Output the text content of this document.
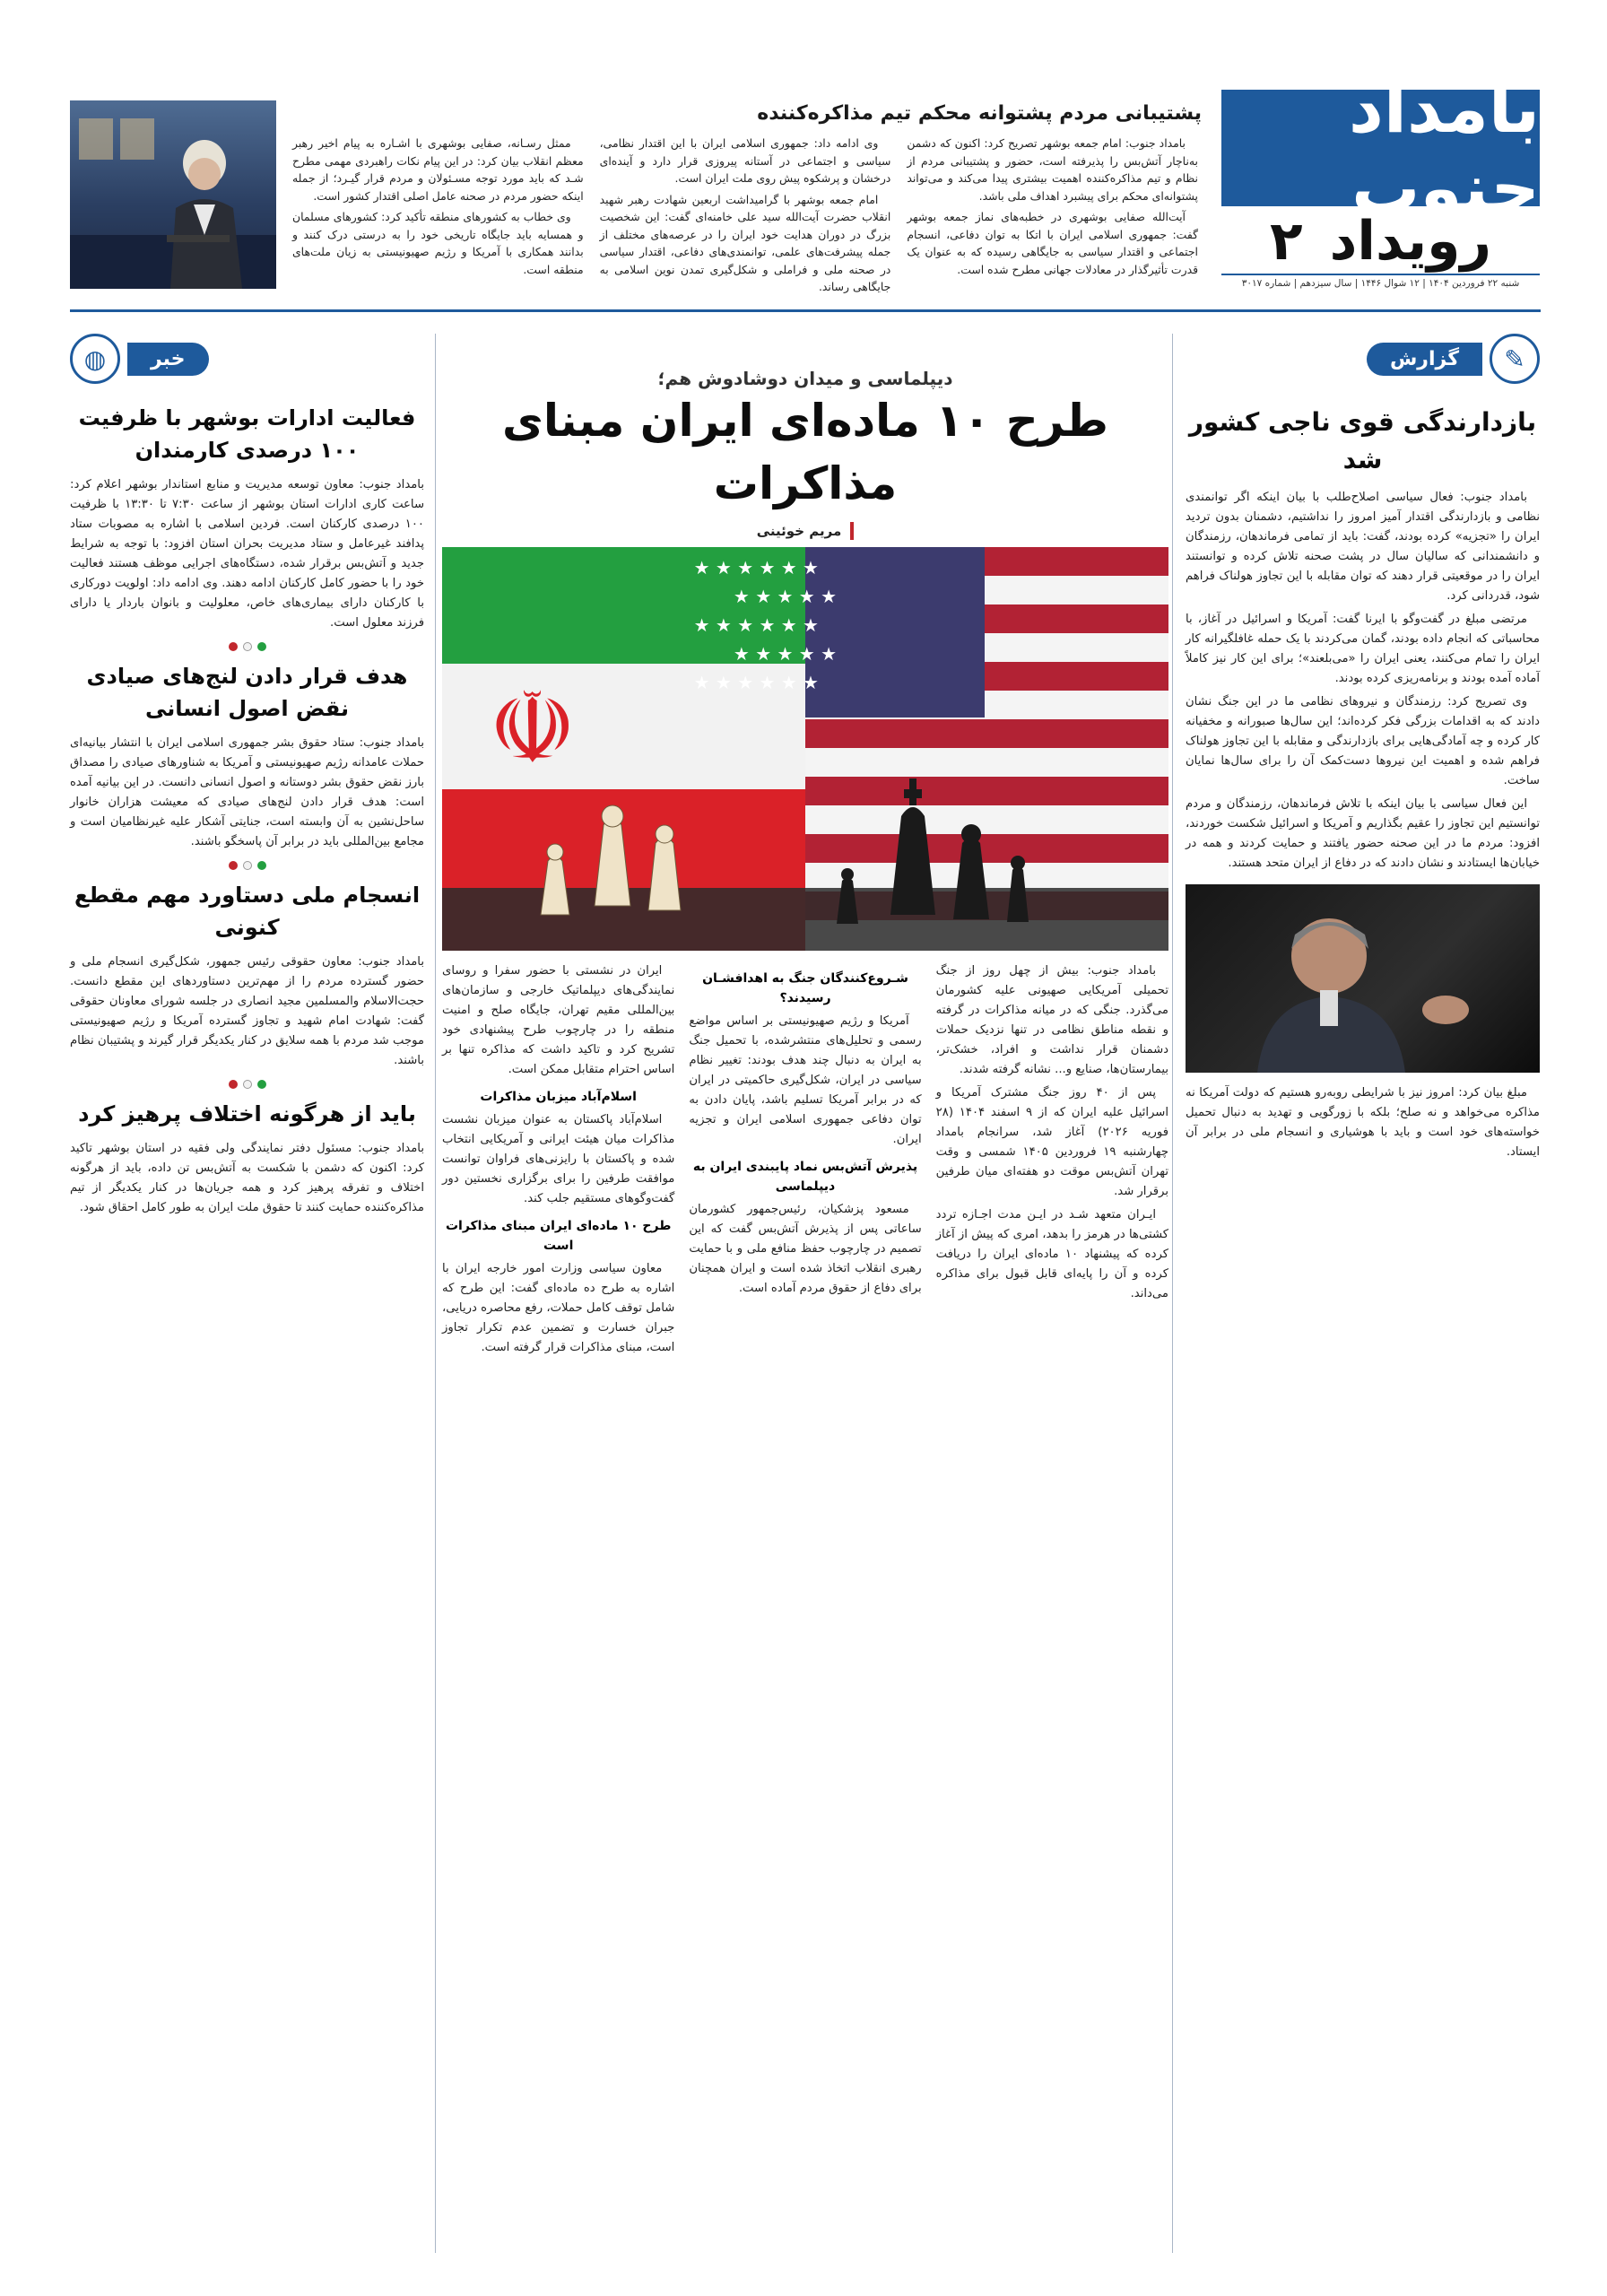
بامداد جنوب
رویداد
۲
شنبه ۲۲ فروردین ۱۴۰۴ | ۱۲ شوال ۱۴۴۶ | سال سیزدهم | شماره ۳۰۱۷
پشتیبانی مردم پشتوانه محکم تیم مذاکره‌کننده

بامداد جنوب: امام جمعه بوشهر تصریح کرد: اکنون که دشمن به‌ناچار آتش‌بس را پذیرفته است، حضور و پشتیبانی مردم از نظام و تیم مذاکره‌کننده اهمیت بیشتری پیدا می‌کند و می‌تواند پشتوانه‌ای محکم برای پیشبرد اهداف ملی باشد.

آیت‌الله صفایی بوشهری در خطبه‌های نماز جمعه بوشهر گفت: جمهوری اسلامی ایران با اتکا به توان دفاعی، انسجام اجتماعی و اقتدار سیاسی به جایگاهی رسیده که به عنوان یک قدرت تأثیرگذار در معادلات جهانی مطرح شده است.

وی ادامه داد: جمهوری اسلامی ایران با این اقتدار نظامی، سیاسی و اجتماعی در آستانه پیروزی قرار دارد و آینده‌ای درخشان و پرشکوه پیش روی ملت ایران است.

امام جمعه بوشهر با گرامیداشت اربعین شهادت رهبر شهید انقلاب حضرت آیت‌الله سید علی خامنه‌ای گفت: این شخصیت بزرگ در دوران هدایت خود ایران را در عرصه‌های مختلف از جمله پیشرفت‌های علمی، توانمندی‌های دفاعی، اقتدار سیاسی در صحنه ملی و فراملی و شکل‌گیری تمدن نوین اسلامی به جایگاهی رساند.

ممثل رسـانه، صفایی بوشهری با اشـاره به پیام اخیر رهبر معظم انقلاب بیان کرد: در این پیام نکات راهبردی مهمی مطرح شـد که باید مورد توجه مسـئولان و مردم قرار گیـرد؛ از جمله اینکه حضور مردم در صحنه عامل اصلی اقتدار کشور است.

وی خطاب به کشورهای منطقه تأکید کرد: کشورهای مسلمان و همسایه باید جایگاه تاریخی خود را به درستی درک کنند و بدانند همکاری با آمریکا و رژیم صهیونیستی به زیان ملت‌های منطقه است.

✎
گزارش
بازدارندگی قوی ناجی کشور شد

بامداد جنوب: فعال سیاسی اصلاح‌طلب با بیان اینکه اگر توانمندی نظامی و بازدارندگی اقتدار آمیز امروز را نداشتیم، دشمنان بدون تردید ایران را «تجزیه» کرده بودند، گفت: باید از تمامی فرماندهان، رزمندگان و دانشمندانی که سالیان سال در پشت صحنه تلاش کرده و توانستند ایران را در موقعیتی قرار دهند که توان مقابله با این تجاوز هولناک فراهم شود، قدردانی کرد.

مرتضی مبلغ در گفت‌وگو با ایرنا گفت: آمریکا و اسرائیل در آغاز، با محاسباتی که انجام داده بودند، گمان می‌کردند با یک حمله غافلگیرانه کار ایران را تمام می‌کنند، یعنی ایران را «می‌بلعند»؛ برای این کار نیز کاملاً آماده آمده بودند و برنامه‌ریزی کرده بودند.

وی تصریح کرد: رزمندگان و نیروهای نظامی ما در این جنگ نشان دادند که به اقدامات بزرگی فکر کرده‌اند؛ این سال‌ها صبورانه و مخفیانه کار کرده و چه آمادگی‌هایی برای بازدارندگی و مقابله با این تجاوز هولناک فراهم شده و اهمیت این نیروها دست‌کمک آن را برای سال‌ها نمایان ساخت.

این فعال سیاسی با بیان اینکه با تلاش فرماندهان، رزمندگان و مردم توانستیم این تجاوز را عقیم بگذاریم و آمریکا و اسرائیل شکست خوردند، افزود: مردم ما در این صحنه حضور یافتند و حمایت کردند و همه در خیابان‌ها ایستادند و نشان دادند که در دفاع از ایران متحد هستند.

مبلغ بیان کرد: امروز نیز با شرایطی روبه‌رو هستیم که دولت آمریکا نه مذاکره می‌خواهد و نه صلح؛ بلکه با زورگویی و تهدید به دنبال تحمیل خواسته‌های خود است و باید با هوشیاری و انسجام ملی در برابر آن ایستاد.

دیپلماسی و میدان دوشادوش هم؛
طرح ۱۰ ماده‌ای ایران مبنای مذاکرات
مریم خوئینی
☫
★ ★ ★ ★ ★ ★
★ ★ ★ ★ ★
★ ★ ★ ★ ★ ★
★ ★ ★ ★ ★
★ ★ ★ ★ ★ ★

بامداد جنوب: بیش از چهل روز از جنگ تحمیلی آمریکایی صهیونی علیه کشورمان می‌گذرد. جنگی که در میانه مذاکرات در گرفته و نقطه مناطق نظامی در تنها نزدیک حملات دشمنان قرار نداشت و افراد، خشک‌تر، بیمارستان‌ها، صنایع و... نشانه گرفته شدند.

پس از ۴۰ روز جنگ مشترک آمریکا و اسرائیل علیه ایران که از ۹ اسفند ۱۴۰۴ (۲۸ فوریه ۲۰۲۶) آغاز شد، سرانجام بامداد چهارشنبه ۱۹ فروردین ۱۴۰۵ شمسی و وقت تهران آتش‌بس موقت دو هفته‌ای میان طرفین برقرار شد.

ایـران متعهد شـد در ایـن مدت اجـازه تردد کشتی‌ها در هرمز را بدهد، امری که پیش از آغاز کرده که پیشنهاد ۱۰ ماده‌ای ایران را دریافت کرده و آن را پایه‌ای قابل قبول برای مذاکره می‌داند.

شـروع‌کنندگان جنگ به اهدافشـان رسیدند؟

آمریکا و رژیم صهیونیستی بر اساس مواضع رسمی و تحلیل‌های منتشرشده، با تحمیل جنگ به ایران به دنبال چند هدف بودند: تغییر نظام سیاسی در ایران، شکل‌گیری حاکمیتی در ایران که در برابر آمریکا تسلیم باشد، پایان دادن به توان دفاعی جمهوری اسلامی ایران و تجزیه ایران.

پذیرش آتش‌بس نماد پایبندی ایران به دیپلماسی

مسعود پزشکیان، رئیس‌جمهور کشورمان ساعاتی پس از پذیرش آتش‌بس گفت که این تصمیم در چارچوب حفظ منافع ملی و با حمایت رهبری انقلاب اتخاذ شده است و ایران همچنان برای دفاع از حقوق مردم آماده است.

ایران در نشستی با حضور سفرا و روسای نمایندگی‌های دیپلماتیک خارجی و سازمان‌های بین‌المللی مقیم تهران، جایگاه صلح و امنیت منطقه را در چارچوب طرح پیشنهادی خود تشریح کرد و تاکید داشت که مذاکره تنها بر اساس احترام متقابل ممکن است.

اسلام‌آباد میزبان مذاکرات

اسلام‌آباد پاکستان به عنوان میزبان نشست مذاکرات میان هیئت ایرانی و آمریکایی انتخاب شده و پاکستان با رایزنی‌های فراوان توانست موافقت طرفین را برای برگزاری نخستین دور گفت‌وگوهای مستقیم جلب کند.

طرح ۱۰ ماده‌ای ایران مبنای مذاکرات است

معاون سیاسی وزارت امور خارجه ایران با اشاره به طرح ده ماده‌ای گفت: این طرح که شامل توقف کامل حملات، رفع محاصره دریایی، جبران خسارت و تضمین عدم تکرار تجاوز است، مبنای مذاکرات قرار گرفته است.

خبر
◍
فعالیت ادارات بوشهر با ظرفیت ۱۰۰ درصدی کارمندان
بامداد جنوب: معاون توسعه مدیریت و منابع استاندار بوشهر اعلام کرد: ساعت کاری ادارات استان بوشهر از ساعت ۷:۳۰ تا ۱۳:۳۰ با ظرفیت ۱۰۰ درصدی کارکنان است. فردین اسلامی با اشاره به مصوبات ستاد پدافند غیرعامل و ستاد مدیریت بحران استان افزود: با توجه به شرایط جدید و آتش‌بس برقرار شده، دستگاه‌های اجرایی موظف هستند فعالیت خود را با حضور کامل کارکنان ادامه دهند. وی ادامه داد: اولویت دورکاری با کارکنان دارای بیماری‌های خاص، معلولیت و بانوان باردار یا دارای فرزند معلول است.
هدف قرار دادن لنج‌های صیادی نقض اصول انسانی
بامداد جنوب: ستاد حقوق بشر جمهوری اسلامی ایران با انتشار بیانیه‌ای حملات عامدانه رژیم صهیونیستی و آمریکا به شناورهای صیادی را مصداق بارز نقض حقوق بشر دوستانه و اصول انسانی دانست. در این بیانیه آمده است: هدف قرار دادن لنج‌های صیادی که معیشت هزاران خانوار ساحل‌نشین به آن وابسته است، جنایتی آشکار علیه غیرنظامیان است و مجامع بین‌المللی باید در برابر آن پاسخگو باشند.
انسجام ملی دستاورد مهم مقطع کنونی
بامداد جنوب: معاون حقوقی رئیس جمهور، شکل‌گیری انسجام ملی و حضور گسترده مردم را از مهم‌ترین دستاوردهای این مقطع دانست. حجت‌الاسلام والمسلمین مجید انصاری در جلسه شورای معاونان حقوقی گفت: شهادت امام شهید و تجاوز گسترده آمریکا و رژیم صهیونیستی موجب شد مردم با همه سلایق در کنار یکدیگر قرار گیرند و پشتیبان نظام باشند.
باید از هرگونه اختلاف پرهیز کرد
بامداد جنوب: مسئول دفتر نمایندگی ولی فقیه در استان بوشهر تاکید کرد: اکنون که دشمن با شکست به آتش‌بس تن داده، باید از هرگونه اختلاف و تفرقه پرهیز کرد و همه جریان‌ها در کنار یکدیگر از تیم مذاکره‌کننده حمایت کنند تا حقوق ملت ایران به طور کامل احقاق شود.
